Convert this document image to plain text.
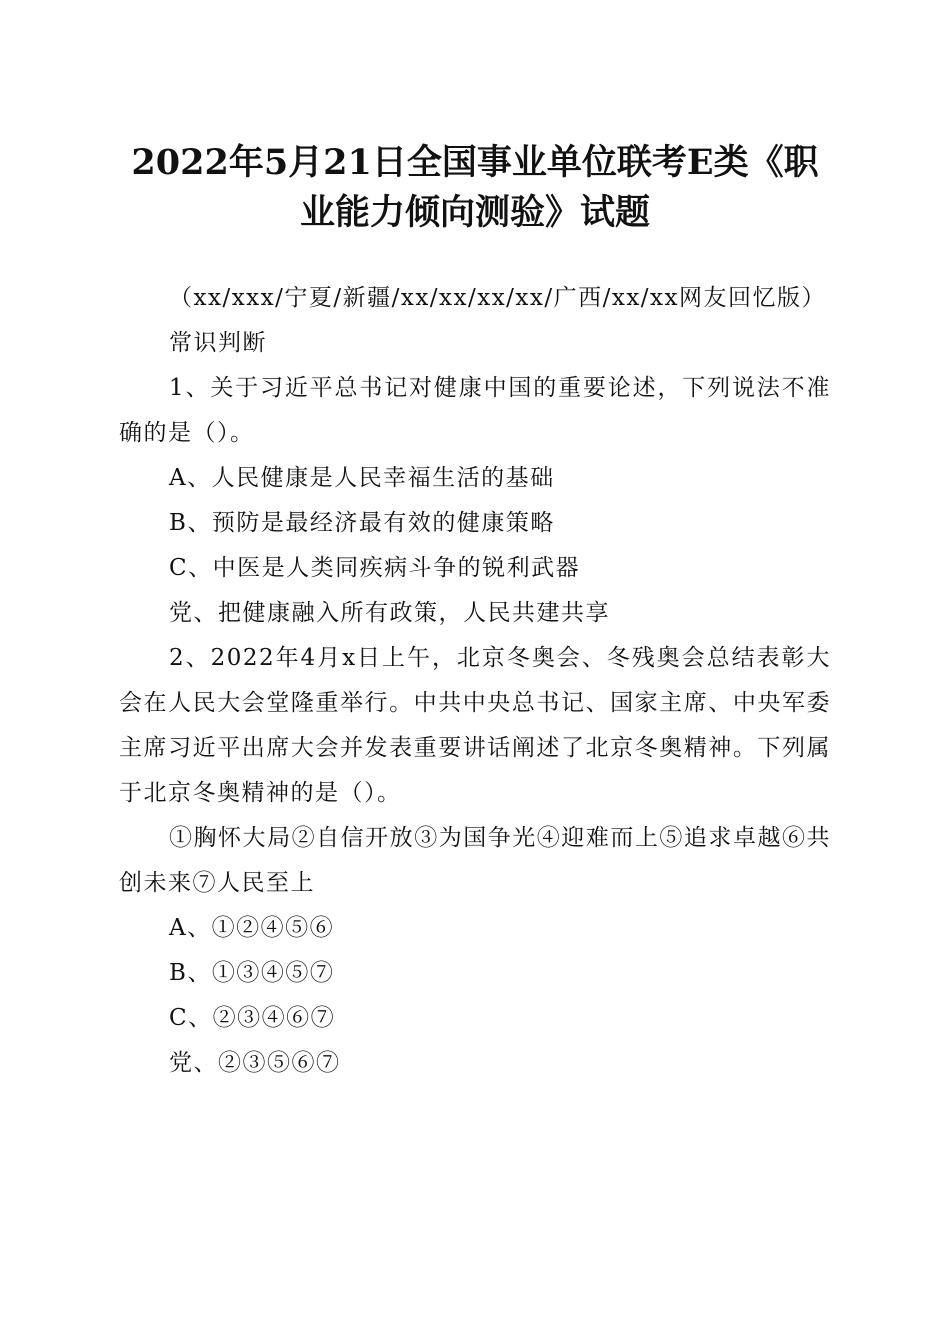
2022年5月21日全国事业单位联考E类《职
业能力倾向测验》试题

（xx/xxx/宁夏/新疆/xx/xx/xx/xx/广西/xx/xx网友回忆版）

常识判断

1、关于习近平总书记对健康中国的重要论述，下列说法不准确的是（）。

A、人民健康是人民幸福生活的基础

B、预防是最经济最有效的健康策略

C、中医是人类同疾病斗争的锐利武器

党、把健康融入所有政策，人民共建共享

2、2022年4月x日上午，北京冬奥会、冬残奥会总结表彰大会在人民大会堂隆重举行。中共中央总书记、国家主席、中央军委主席习近平出席大会并发表重要讲话阐述了北京冬奥精神。下列属于北京冬奥精神的是（）。

①胸怀大局②自信开放③为国争光④迎难而上⑤追求卓越⑥共创未来⑦人民至上

A、①②④⑤⑥

B、①③④⑤⑦

C、②③④⑥⑦

党、②③⑤⑥⑦
